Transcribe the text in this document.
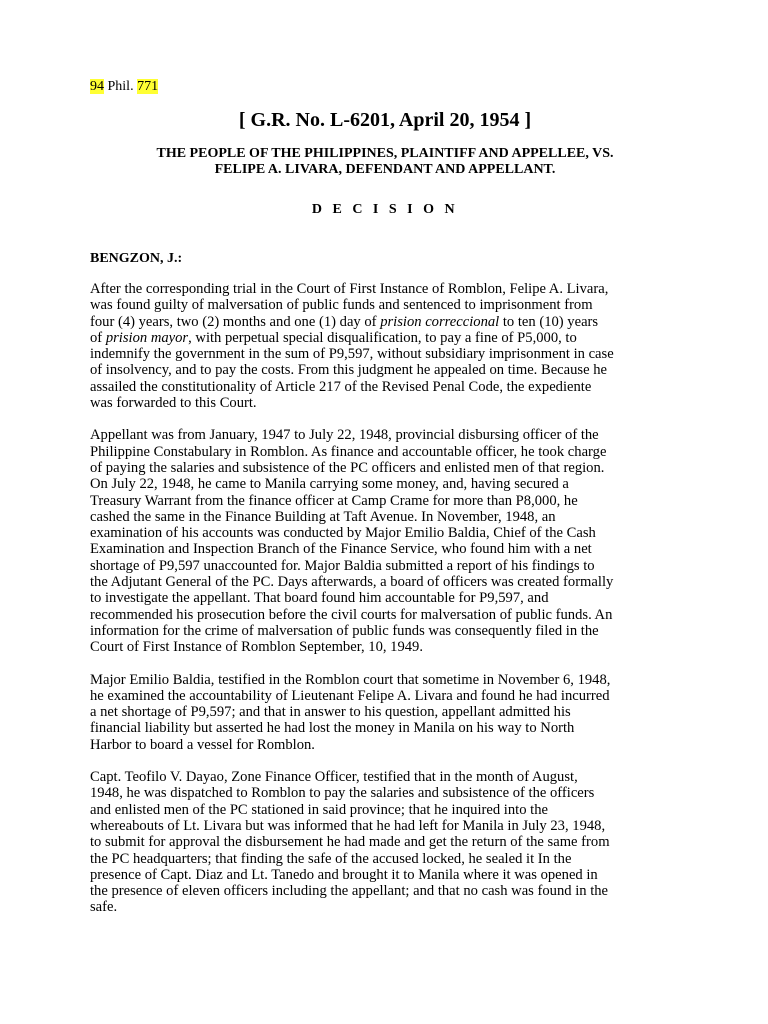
94 Phil. 771
[ G.R. No. L-6201, April 20, 1954 ]
THE PEOPLE OF THE PHILIPPINES, PLAINTIFF AND APPELLEE, VS.
FELIPE A. LIVARA, DEFENDANT AND APPELLANT.
D E C I S I O N
BENGZON, J.:

After the corresponding trial in the Court of First Instance of Romblon, Felipe A. Livara,

was found guilty of malversation of public funds and sentenced to imprisonment from

four (4) years, two (2) months and one (1) day of prision correccional to ten (10) years

of prision mayor, with perpetual special disqualification, to pay a fine of P5,000, to

indemnify the government in the sum of P9,597, without subsidiary imprisonment in case

of insolvency, and to pay the costs. From this judgment he appealed on time. Because he

assailed the constitutionality of Article 217 of the Revised Penal Code, the expediente

was forwarded to this Court.

Appellant was from January, 1947 to July 22, 1948, provincial disbursing officer of the

Philippine Constabulary in Romblon. As finance and accountable officer, he took charge

of paying the salaries and subsistence of the PC officers and enlisted men of that region.

On July 22, 1948, he came to Manila carrying some money, and, having secured a

Treasury Warrant from the finance officer at Camp Crame for more than P8,000, he

cashed the same in the Finance Building at Taft Avenue. In November, 1948, an

examination of his accounts was conducted by Major Emilio Baldia, Chief of the Cash

Examination and Inspection Branch of the Finance Service, who found him with a net

shortage of P9,597 unaccounted for. Major Baldia submitted a report of his findings to

the Adjutant General of the PC. Days afterwards, a board of officers was created formally

to investigate the appellant. That board found him accountable for P9,597, and

recommended his prosecution before the civil courts for malversation of public funds. An

information for the crime of malversation of public funds was consequently filed in the

Court of First Instance of Romblon September, 10, 1949.

Major Emilio Baldia, testified in the Romblon court that sometime in November 6, 1948,

he examined the accountability of Lieutenant Felipe A. Livara and found he had incurred

a net shortage of P9,597; and that in answer to his question, appellant admitted his

financial liability but asserted he had lost the money in Manila on his way to North

Harbor to board a vessel for Romblon.

Capt. Teofilo V. Dayao, Zone Finance Officer, testified that in the month of August,

1948, he was dispatched to Romblon to pay the salaries and subsistence of the officers

and enlisted men of the PC stationed in said province; that he inquired into the

whereabouts of Lt. Livara but was informed that he had left for Manila in July 23, 1948,

to submit for approval the disbursement he had made and get the return of the same from

the PC headquarters; that finding the safe of the accused locked, he sealed it In the

presence of Capt. Diaz and Lt. Tanedo and brought it to Manila where it was opened in

the presence of eleven officers including the appellant; and that no cash was found in the

safe.
